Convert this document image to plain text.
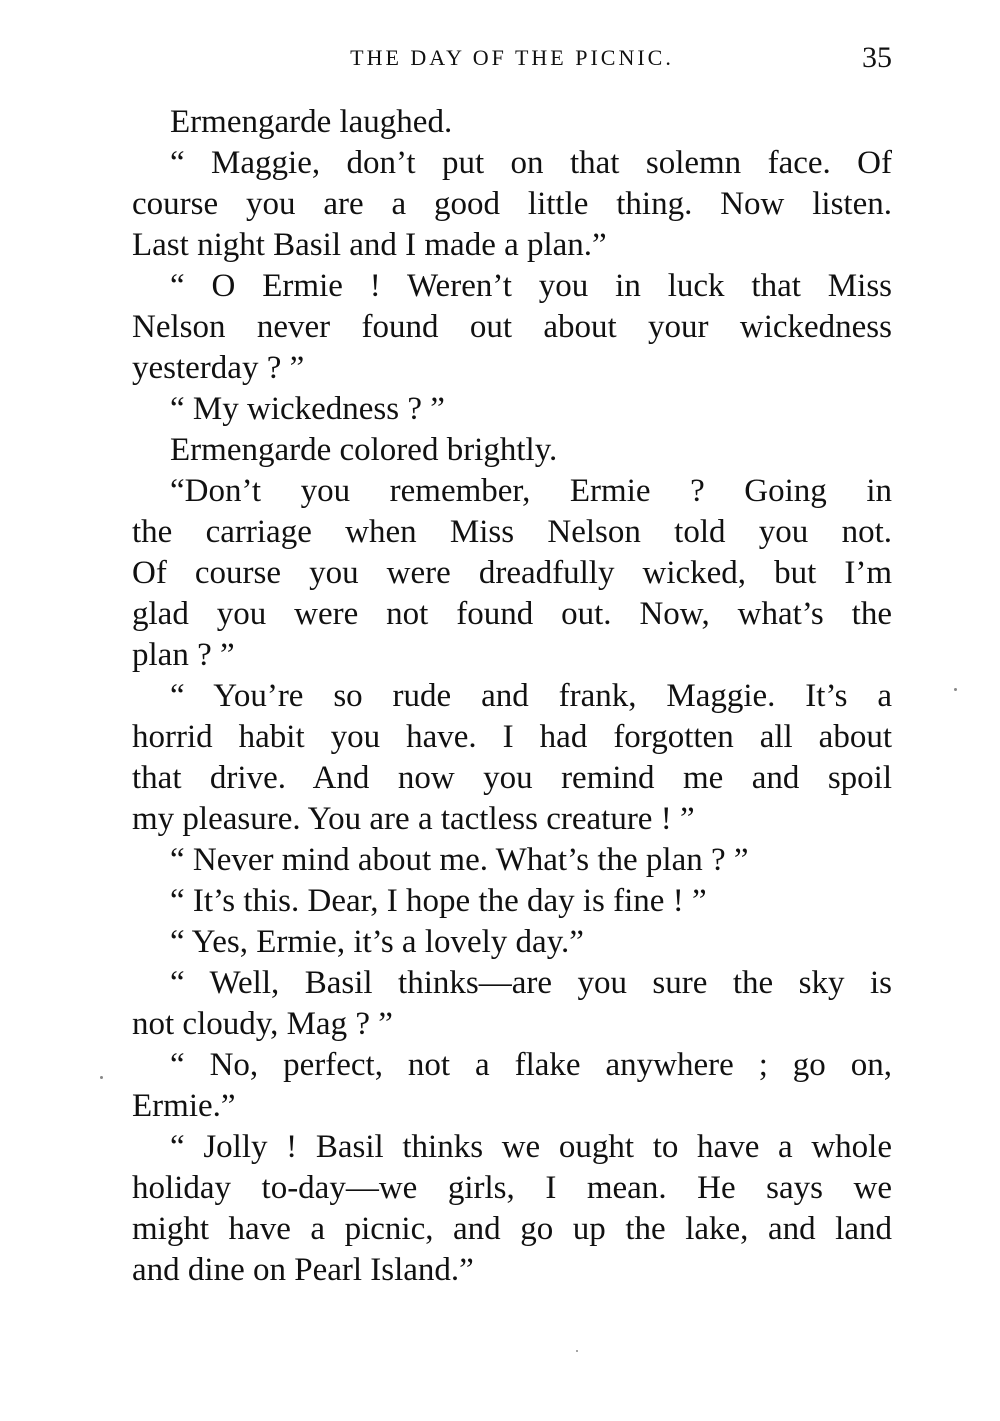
THE DAY OF THE PICNIC.	35
Ermengarde laughed.
“ Maggie, don’t put on that solemn face. Of
course you are a good little thing. Now listen.
Last night Basil and I made a plan.”
“ O Ermie ! Weren’t you in luck that Miss
Nelson never found out about your wickedness
yesterday ? ”
“ My wickedness ? ”
Ermengarde colored brightly.
“Don’t you remember, Ermie ? Going in
the carriage when Miss Nelson told you not.
Of course you were dreadfully wicked, but I’m
glad you were not found out. Now, what’s the
plan ? ”
“ You’re so rude and frank, Maggie. It’s a
horrid habit you have. I had forgotten all about
that drive. And now you remind me and spoil
my pleasure. You are a tactless creature ! ”
“ Never mind about me. What’s the plan ? ”
“ It’s this. Dear, I hope the day is fine ! ”
“ Yes, Ermie, it’s a lovely day.”
“ Well, Basil thinks—are you sure the sky is
not cloudy, Mag ? ”
“ No, perfect, not a flake anywhere ; go on,
Ermie.”
“ Jolly ! Basil thinks we ought to have a whole
holiday to-day—we girls, I mean. He says we
might have a picnic, and go up the lake, and land
and dine on Pearl Island.”
